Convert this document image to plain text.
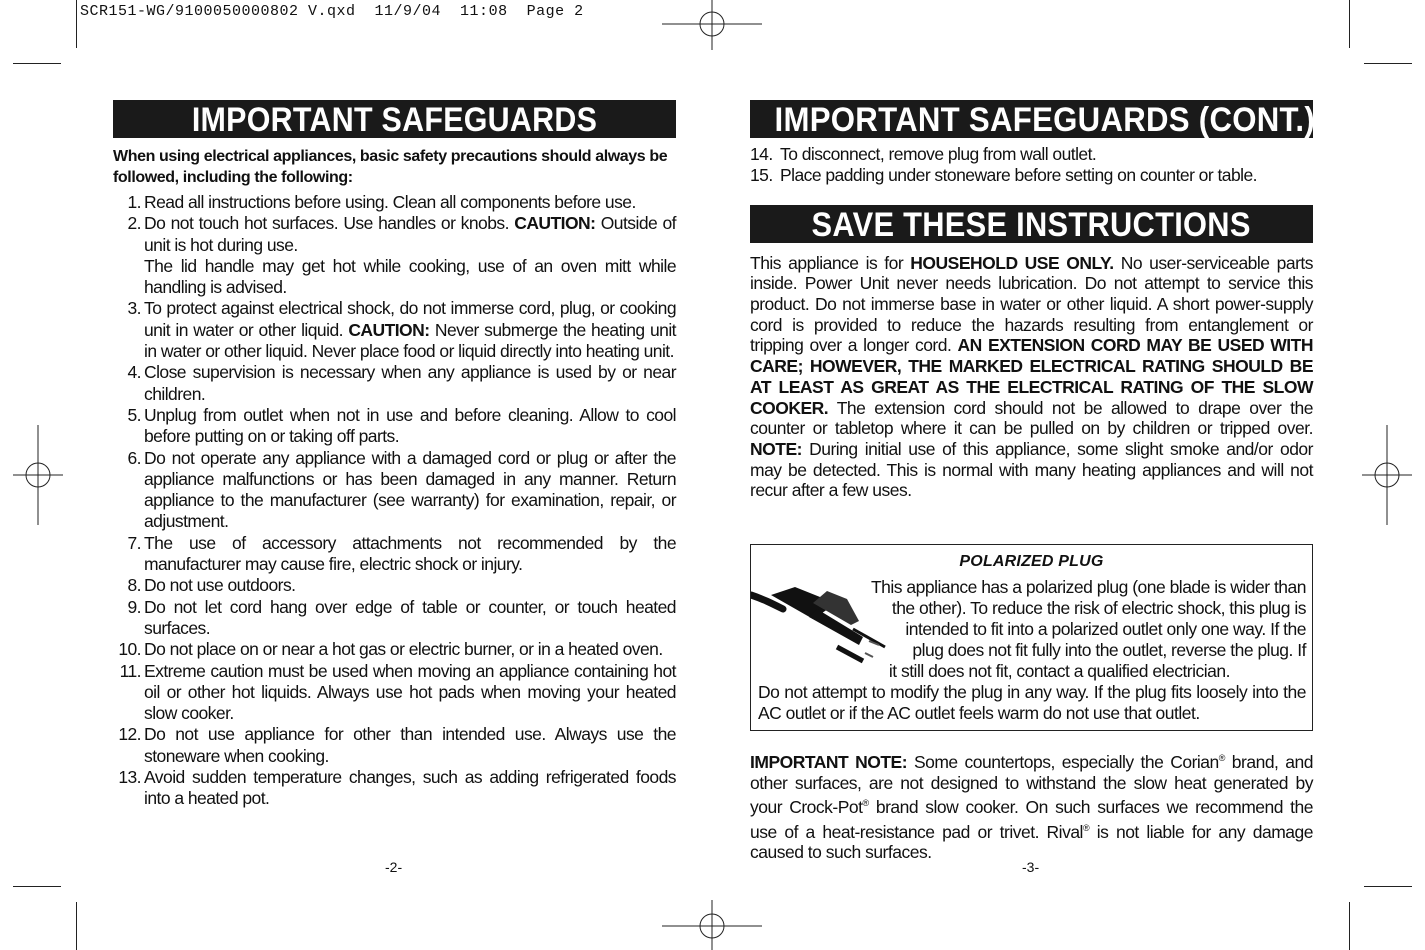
SCR151-WG/9100050000802 V.qxd  11/9/04  11:08  Page 2
IMPORTANT SAFEGUARDS
When using electrical appliances, basic safety precautions should always be
followed, including the following:
1. Read all instructions before using. Clean all components before use.
2. Do not touch hot surfaces. Use handles or knobs. CAUTION: Outside of unit is hot during use.
The lid handle may get hot while cooking, use of an oven mitt while handling is advised.
3. To protect against electrical shock, do not immerse cord, plug, or cooking unit in water or other liquid. CAUTION: Never submerge the heating unit in water or other liquid. Never place food or liquid directly into heating unit.
4. Close supervision is necessary when any appliance is used by or near children.
5. Unplug from outlet when not in use and before cleaning. Allow to cool before putting on or taking off parts.
6. Do not operate any appliance with a damaged cord or plug or after the appliance malfunctions or has been damaged in any manner. Return appliance to the manufacturer (see warranty) for examination, repair, or adjustment.
7. The use of accessory attachments not recommended by the manufacturer may cause fire, electric shock or injury.
8. Do not use outdoors.
9. Do not let cord hang over edge of table or counter, or touch heated surfaces.
10. Do not place on or near a hot gas or electric burner, or in a heated oven.
11. Extreme caution must be used when moving an appliance containing hot oil or other hot liquids. Always use hot pads when moving your heated slow cooker.
12. Do not use appliance for other than intended use. Always use the stoneware when cooking.
13. Avoid sudden temperature changes, such as adding refrigerated foods into a heated pot.
-2-
IMPORTANT SAFEGUARDS (CONT.)
14. To disconnect, remove plug from wall outlet.
15. Place padding under stoneware before setting on counter or table.
SAVE THESE INSTRUCTIONS
This appliance is for HOUSEHOLD USE ONLY. No user-serviceable parts inside. Power Unit never needs lubrication. Do not attempt to service this product. Do not immerse base in water or other liquid. A short power-supply cord is provided to reduce the hazards resulting from entanglement or tripping over a longer cord. AN EXTENSION CORD MAY BE USED WITH CARE; HOWEVER, THE MARKED ELECTRICAL RATING SHOULD BE AT LEAST AS GREAT AS THE ELECTRICAL RATING OF THE SLOW COOKER. The extension cord should not be allowed to drape over the counter or tabletop where it can be pulled on by children or tripped over. NOTE: During initial use of this appliance, some slight smoke and/or odor may be detected. This is normal with many heating appliances and will not recur after a few uses.
POLARIZED PLUG
This appliance has a polarized plug (one blade is wider than
the other). To reduce the risk of electric shock, this plug is
intended to fit into a polarized outlet only one way. If the
plug does not fit fully into the outlet, reverse the plug. If
it still does not fit, contact a qualified electrician.
Do not attempt to modify the plug in any way. If the plug fits loosely into the AC outlet or if the AC outlet feels warm do not use that outlet.
IMPORTANT NOTE: Some countertops, especially the Corian® brand, and other surfaces, are not designed to withstand the slow heat generated by your Crock-Pot® brand slow cooker. On such surfaces we recommend the use of a heat-resistance pad or trivet. Rival® is not liable for any damage caused to such surfaces.
-3-
